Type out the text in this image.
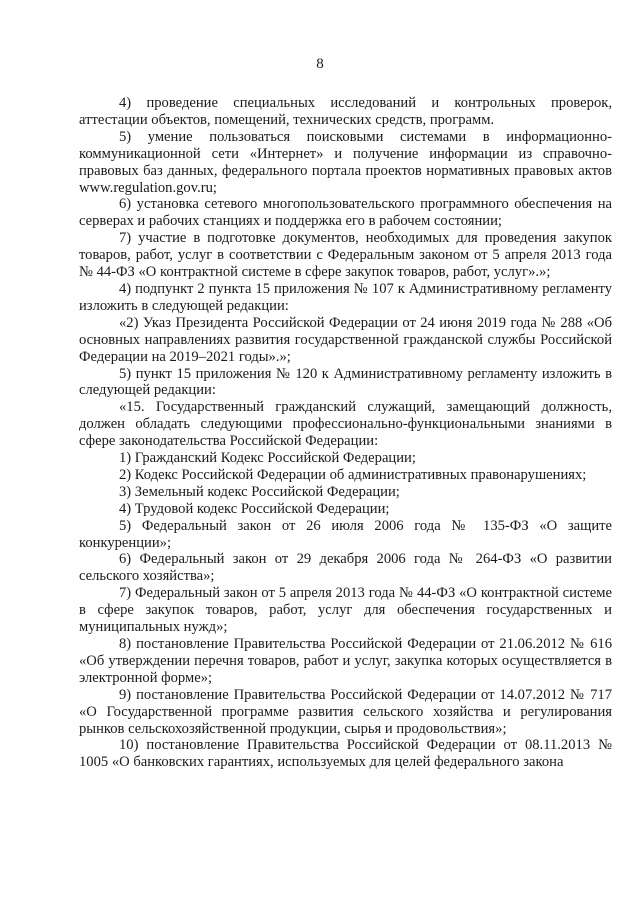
8

4) проведение специальных исследований и контрольных проверок, аттестации объектов, помещений, технических средств, программ.

5) умение пользоваться поисковыми системами в информационно-коммуникационной сети «Интернет» и получение информации из справочно-правовых баз данных, федерального портала проектов нормативных правовых актов www.regulation.gov.ru;

6) установка сетевого многопользовательского программного обеспечения на серверах и рабочих станциях и поддержка его в рабочем состоянии;

7) участие в подготовке документов, необходимых для проведения закупок товаров, работ, услуг в соответствии с Федеральным законом от 5 апреля 2013 года № 44-ФЗ «О контрактной системе в сфере закупок товаров, работ, услуг».»;

4) подпункт 2 пункта 15 приложения № 107 к Административному регламенту изложить в следующей редакции:

«2) Указ Президента Российской Федерации от 24 июня 2019 года № 288 «Об основных направлениях развития государственной гражданской службы Российской Федерации на 2019–2021 годы».»;

5) пункт 15 приложения № 120 к Административному регламенту изложить в следующей редакции:

«15. Государственный гражданский служащий, замещающий должность, должен обладать следующими профессионально-функциональными знаниями в сфере законодательства Российской Федерации:

1) Гражданский Кодекс Российской Федерации;

2) Кодекс Российской Федерации об административных правонарушениях;

3) Земельный кодекс Российской Федерации;

4) Трудовой кодекс Российской Федерации;

5) Федеральный закон от 26 июля 2006 года № 135-ФЗ «О защите конкуренции»;

6) Федеральный закон от 29 декабря 2006 года № 264-ФЗ «О развитии сельского хозяйства»;

7) Федеральный закон от 5 апреля 2013 года № 44-ФЗ «О контрактной системе в сфере закупок товаров, работ, услуг для обеспечения государственных и муниципальных нужд»;

8) постановление Правительства Российской Федерации от 21.06.2012 № 616 «Об утверждении перечня товаров, работ и услуг, закупка которых осуществляется в электронной форме»;

9) постановление Правительства Российской Федерации от 14.07.2012 № 717 «О Государственной программе развития сельского хозяйства и регулирования рынков сельскохозяйственной продукции, сырья и продовольствия»;

10) постановление Правительства Российской Федерации от 08.11.2013 № 1005 «О банковских гарантиях, используемых для целей федерального закона
